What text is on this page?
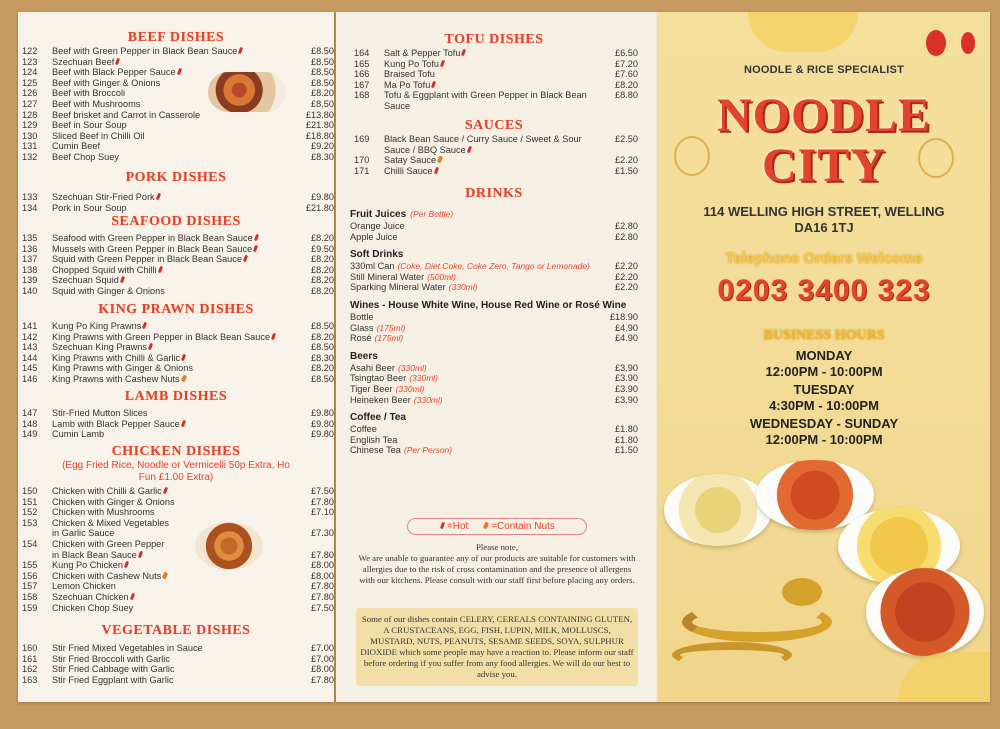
BEEF DISHES
122	Beef with Green Pepper in Black Bean Sauce	£8.50
123	Szechuan Beef	£8.50
124	Beef with Black Pepper Sauce	£8.50
125	Beef with Ginger & Onions	£8.50
126	Beef with Broccoli	£8.20
127	Beef with Mushrooms	£8.50
128	Beef brisket and Carrot in Casserole	£13.80
129	Beef in Sour Soup	£21.80
130	Sliced Beef in Chilli Oil	£18.80
131	Cumin Beef	£9.20
132	Beef Chop Suey	£8.30
PORK DISHES
133	Szechuan Stir-Fried Pork	£9.80
134	Pork in Sour Soup	£21.80
SEAFOOD DISHES
135	Seafood with Green Pepper in Black Bean Sauce	£8.20
136	Mussels with Green Pepper in Black Bean Sauce	£9.50
137	Squid with Green Pepper in Black Bean Sauce	£8.20
138	Chopped Squid with Chilli	£8.20
139	Szechuan Squid	£8.20
140	Squid with Ginger & Onions	£8.20
KING PRAWN DISHES
141	Kung Po King Prawns	£8.50
142	King Prawns with Green Pepper in Black Bean Sauce	£8.20
143	Szechuan King Prawns	£8.50
144	King Prawns with Chilli & Garlic	£8.30
145	King Prawns with Ginger & Onions	£8.20
146	King Prawns with Cashew Nuts	£8.50
LAMB DISHES
147	Stir-Fried Mutton Slices	£9.80
148	Lamb with Black Pepper Sauce	£9.80
149	Cumin Lamb	£9.80
CHICKEN DISHES
(Egg Fried Rice, Noodle or Vermicelli 50p Extra, Ho Fun £1.00 Extra)
150	Chicken with Chilli & Garlic	£7.50
151	Chicken with Ginger & Onions	£7.80
152	Chicken with Mushrooms	£7.10
153	Chicken & Mixed Vegetables in Garlic Sauce	£7.30
154	Chicken with Green Pepper in Black Bean Sauce	£7.80
155	Kung Po Chicken	£8.00
156	Chicken with Cashew Nuts	£8.00
157	Lemon Chicken	£7.80
158	Szechuan Chicken	£7.80
159	Chicken Chop Suey	£7.50
VEGETABLE DISHES
160	Stir Fried Mixed Vegetables in Sauce	£7.00
161	Stir Fried Broccoli with Garlic	£7.00
162	Stir Fried Cabbage with Garlic	£8.00
163	Stir Fried Eggplant with Garlic	£7.80
TOFU DISHES
164	Salt & Pepper Tofu	£6.50
165	Kung Po Tofu	£7.20
166	Braised Tofu	£7.60
167	Ma Po Tofu	£8.20
168	Tofu & Eggplant with Green Pepper in Black Bean Sauce
£8.80
SAUCES
169	Black Bean Sauce / Curry Sauce / Sweet & Sour Sauce / BBQ Sauce
£2.50
170	Satay Sauce	£2.20
171	Chilli Sauce	£1.50
DRINKS
Fruit Juices (Per Bottle)
Orange Juice	£2.80
Apple Juice	£2.80
Soft Drinks
330ml Can (Coke, Diet Coke, Coke Zero, Tango or Lemonade)	£2.20
Still Mineral Water (500ml)	£2.20
Sparking Mineral Water (330ml)	£2.20
Wines - House White Wine, House Red Wine or Rosé Wine
Bottle	£18.90
Glass (175ml)	£4.90
Rosé (175ml)	£4.90
Beers
Asahi Beer (330ml)	£3.90
Tsingtao Beer (330ml)	£3.90
Tiger Beer (330ml)	£3.90
Heineken Beer (330ml)	£3.90
Coffee / Tea
Coffee	£1.80
English Tea	£1.80
Chinese Tea (Per Person)	£1.50
=Hot	=Contain Nuts
Please note,
We are unable to guarantee any of our products are suitable for customers with allergies due to the risk of cross contamination and the presence of allergens with our kitchens. Please consult with our staff first before placing any orders.
Some of our dishes contain CELERY, CEREALS CONTAINING GLUTEN, A CRUSTACEANS, EGG, FISH, LUPIN, MILK, MOLLUSCS, MUSTARD, NUTS, PEANUTS, SESAME SEEDS, SOYA, SULPHUR DIOXIDE which some people may have a reaction to. Please inform our staff before ordering if you suffer from any food allergies. We will do our best to advise you.
NOODLE & RICE SPECIALIST
NOODLE
CITY
114 WELLING HIGH STREET, WELLING
DA16 1TJ
Telephone Orders Welcome
0203 3400 323
BUSINESS HOURS
MONDAY
12:00PM - 10:00PM
TUESDAY
4:30PM - 10:00PM
WEDNESDAY - SUNDAY
12:00PM - 10:00PM
